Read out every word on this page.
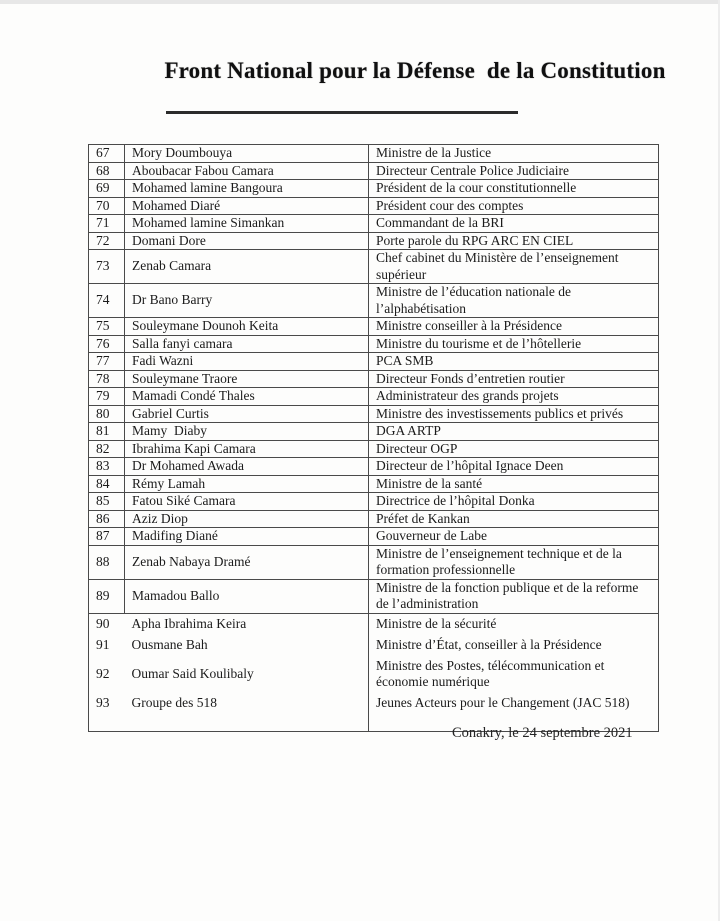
Front National pour la Défense  de la Constitution
67	Mory Doumbouya	Ministre de la Justice
68	Aboubacar Fabou Camara	Directeur Centrale Police Judiciaire
69	Mohamed lamine Bangoura	Président de la cour constitutionnelle
70	Mohamed Diaré	Président cour des comptes
71	Mohamed lamine Simankan	Commandant de la BRI
72	Domani Dore	Porte parole du RPG ARC EN CIEL
73	Zenab Camara	Chef cabinet du Ministère de l’enseignement supérieur
74	Dr Bano Barry	Ministre de l’éducation nationale de l’alphabétisation
75	Souleymane Dounoh Keita	Ministre conseiller à la Présidence
76	Salla fanyi camara	Ministre du tourisme et de l’hôtellerie
77	Fadi Wazni	PCA SMB
78	Souleymane Traore	Directeur Fonds d’entretien routier
79	Mamadi Condé Thales	Administrateur des grands projets
80	Gabriel Curtis	Ministre des investissements publics et privés
81	Mamy  Diaby	DGA ARTP
82	Ibrahima Kapi Camara	Directeur OGP
83	Dr Mohamed Awada	Directeur de l’hôpital Ignace Deen
84	Rémy Lamah	Ministre de la santé
85	Fatou Siké Camara	Directrice de l’hôpital Donka
86	Aziz Diop	Préfet de Kankan
87	Madifing Diané	Gouverneur de Labe
88	Zenab Nabaya Dramé	Ministre de l’enseignement technique et de la formation professionnelle
89	Mamadou Ballo	Ministre de la fonction publique et de la reforme de l’administration
90	Apha Ibrahima Keira	Ministre de la sécurité
91	Ousmane Bah	Ministre d’État, conseiller à la Présidence
92	Oumar Said Koulibaly	Ministre des Postes, télécommunication et économie numérique
93	Groupe des 518	Jeunes Acteurs pour le Changement (JAC 518)
Conakry, le 24 septembre 2021
